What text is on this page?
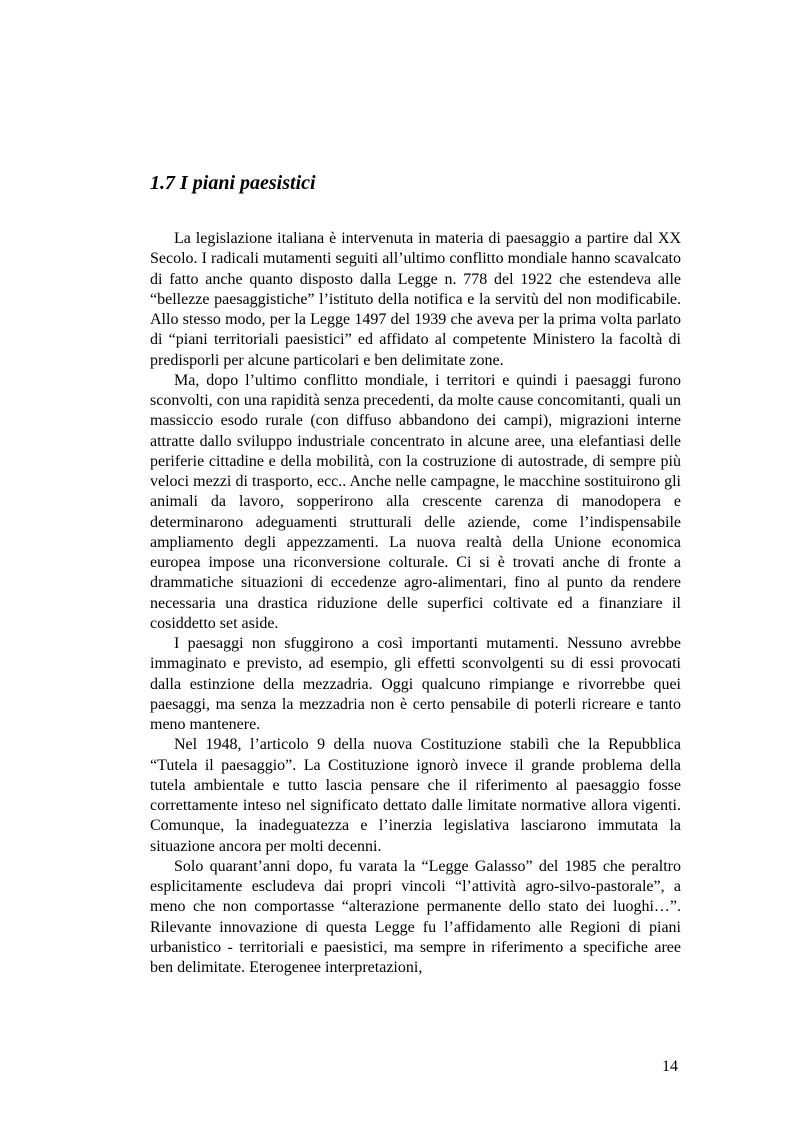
1.7 I piani paesistici

La legislazione italiana è intervenuta in materia di paesaggio a partire dal XX Secolo. I radicali mutamenti seguiti all’ultimo conflitto mondiale hanno scavalcato di fatto anche quanto disposto dalla Legge n. 778 del 1922 che estendeva alle “bellezze paesaggistiche” l’istituto della notifica e la servitù del non modificabile. Allo stesso modo, per la Legge 1497 del 1939 che aveva per la prima volta parlato di “piani territoriali paesistici” ed affidato al competente Ministero la facoltà di predisporli per alcune particolari e ben delimitate zone.

Ma, dopo l’ultimo conflitto mondiale, i territori e quindi i paesaggi furono sconvolti, con una rapidità senza precedenti, da molte cause concomitanti, quali un massiccio esodo rurale (con diffuso abbandono dei campi), migrazioni interne attratte dallo sviluppo industriale concentrato in alcune aree, una elefantiasi delle periferie cittadine e della mobilità, con la costruzione di autostrade, di sempre più veloci mezzi di trasporto, ecc.. Anche nelle campagne, le macchine sostituirono gli animali da lavoro, sopperirono alla crescente carenza di manodopera e determinarono adeguamenti strutturali delle aziende, come l’indispensabile ampliamento degli appezzamenti. La nuova realtà della Unione economica europea impose una riconversione colturale. Ci si è trovati anche di fronte a drammatiche situazioni di eccedenze agro-alimentari, fino al punto da rendere necessaria una drastica riduzione delle superfici coltivate ed a finanziare il cosiddetto set aside.

I paesaggi non sfuggirono a così importanti mutamenti. Nessuno avrebbe immaginato e previsto, ad esempio, gli effetti sconvolgenti su di essi provocati dalla estinzione della mezzadria. Oggi qualcuno rimpiange e rivorrebbe quei paesaggi, ma senza la mezzadria non è certo pensabile di poterli ricreare e tanto meno mantenere.

Nel 1948, l’articolo 9 della nuova Costituzione stabilì che la Repubblica “Tutela il paesaggio”. La Costituzione ignorò invece il grande problema della tutela ambientale e tutto lascia pensare che il riferimento al paesaggio fosse correttamente inteso nel significato dettato dalle limitate normative allora vigenti. Comunque, la inadeguatezza e l’inerzia legislativa lasciarono immutata la situazione ancora per molti decenni.

Solo quarant’anni dopo, fu varata la “Legge Galasso” del 1985 che peraltro esplicitamente escludeva dai propri vincoli “l’attività agro-silvo-pastorale”, a meno che non comportasse “alterazione permanente dello stato dei luoghi…”. Rilevante innovazione di questa Legge fu l’affidamento alle Regioni di piani urbanistico - territoriali e paesistici, ma sempre in riferimento a specifiche aree ben delimitate. Eterogenee interpretazioni,

14
